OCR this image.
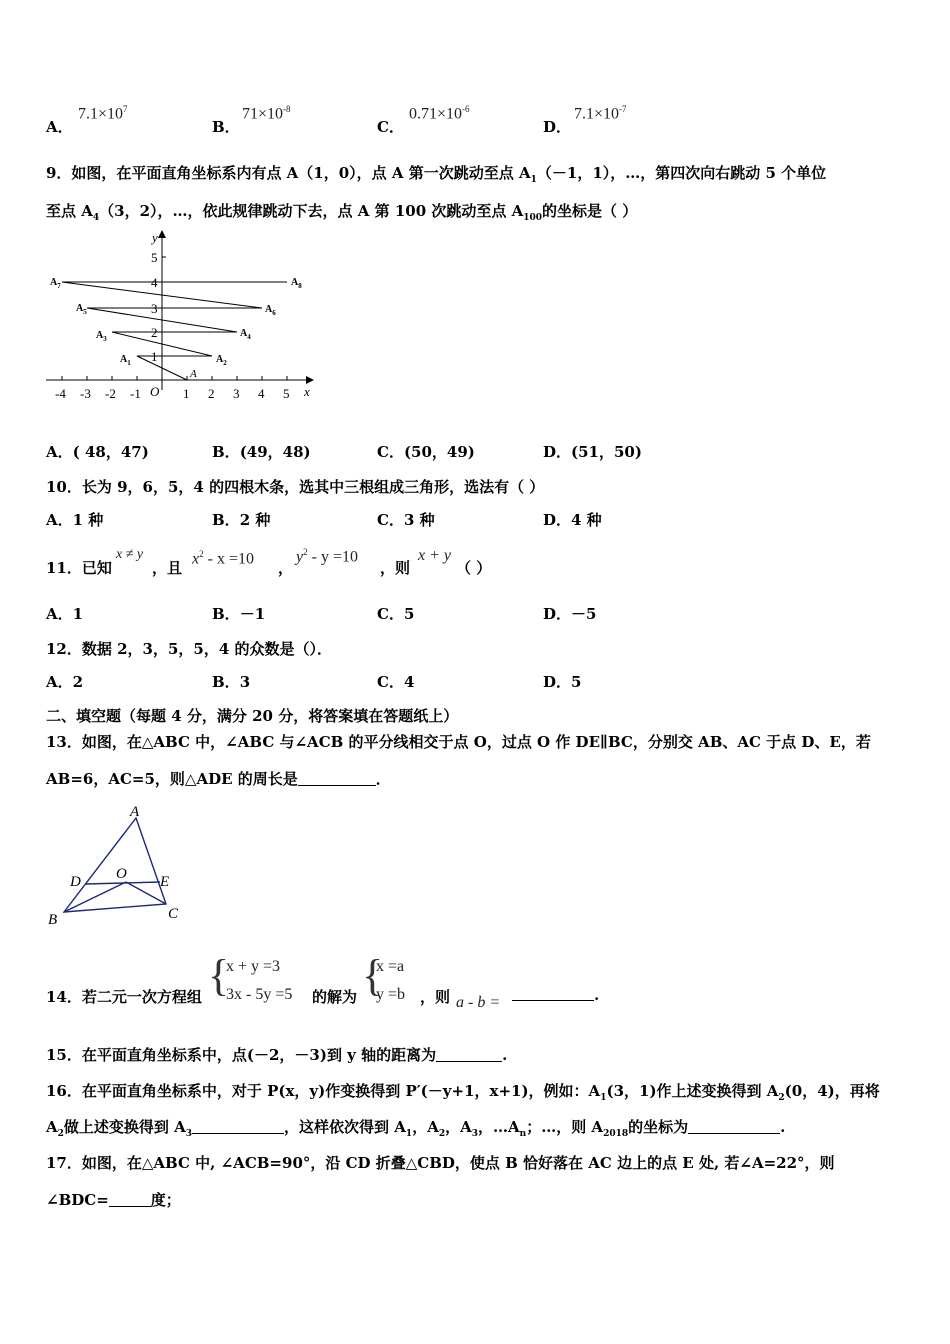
A．
$7.1\times 10^7$
B．
$71\times 10^{-8}$
C．
$0.71\times 10^{-6}$
D．
$7.1\times 10^{-7}$
9．如图，在平面直角坐标系内有点 A（1，0），点 A 第一次跳动至点 $A_1(-1$，1），…，第四次向右跳动 5 个单位
至点 $A_4(3$，2），…，依此规律跳动下去，点 A 第 100 次跳动至点 $A_{100}$的坐标是（ ）
x
y
O
-4 -3 -2 -1	1 2 3 4 5
1
2
3
4
5
A
$A_1$	$A_2$
$A_3$	$A_4$
$A_5$	$A_6$
$A_7$	$A_8$
A．( 48，47)	B．(49，48)	C．(50，49)	D．(51，50)
10．长为 9，6，5，4 的四根木条，选其中三根组成三角形，选法有（ ）
A．1 种	B．2 种	C．3 种	D．4 种
11．已知
x ≠ y
，且
$x^2 - x =10$
，
$y^2 - y =10$
，则
x + y
（ ）
A．1	B．－1	C．5	D．－5
12．数据 2，3，5，5，4 的众数是（）．
A．2	B．3	C．4	D．5
二、填空题（每题 4 分，满分 20 分，将答案填在答题纸上）
13．如图，在△ABC 中，∠ABC 与∠ACB 的平分线相交于点 O，过点 O 作 DE∥BC，分别交 AB、AC 于点 D、E，若
AB=6，AC=5，则△ADE 的周长是	．
A
B	C
D	E
O
14．若二元一次方程组 {
x + y =3
3x - 5y =5 的解为 {
x =a
y =b ，则 a - b =	.
15．在平面直角坐标系中，点(－2，－3)到 y 轴的距离为	.
16．在平面直角坐标系中，对于 P(x，y)作变换得到 P′(－y+1，x+1)，例如：$A_1(3$，1)作上述变换得到 $A_2(0$，4)，再将
$A_2$做上述变换得到 $A_3$	，这样依次得到 $A_1$，$A_2$，$A_3$，$\dots A_n$；…，则 $A_{2018}$的坐标为	.
17．如图，在△ABC 中, ∠ACB=90°，沿 CD 折叠△CBD，使点 B 恰好落在 AC 边上的点 E 处, 若∠A=22°，则
∠BDC=	度；
